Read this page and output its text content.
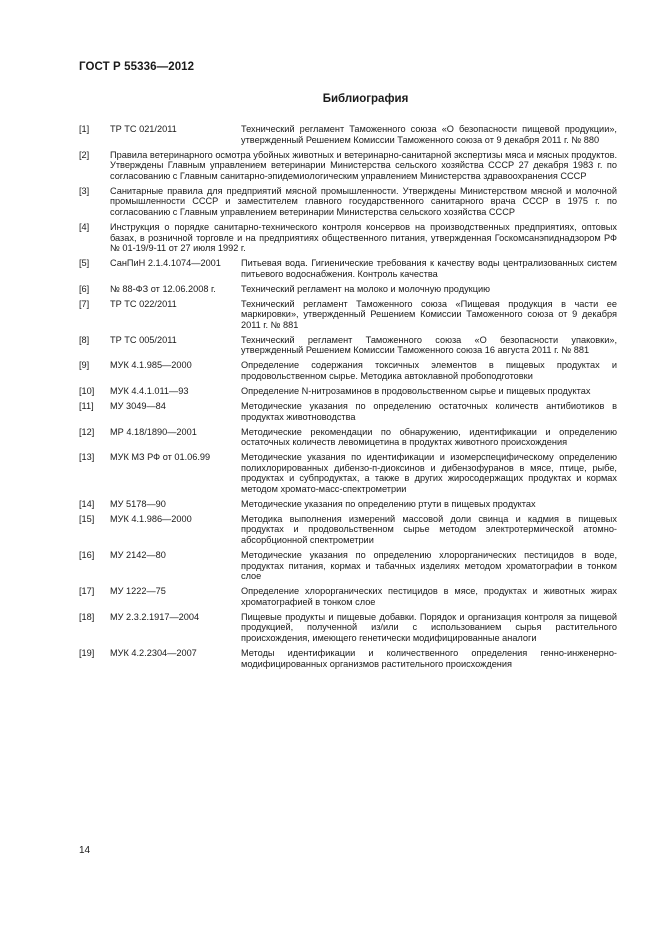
ГОСТ Р 55336—2012
Библиография
[1] ТР ТС 021/2011	Технический регламент Таможенного союза «О безопасности пищевой продукции», утвержденный Решением Комиссии Таможенного союза от 9 декабря 2011 г. № 880
[2] Правила ветеринарного осмотра убойных животных и ветеринарно-санитарной экспертизы мяса и мясных продуктов. Утверждены Главным управлением ветеринарии Министерства сельского хозяйства СССР 27 декабря 1983 г. по согласованию с Главным санитарно-эпидемиологическим управлением Министерства здравоохранения СССР
[3] Санитарные правила для предприятий мясной промышленности. Утверждены Министерством мясной и молочной промышленности СССР и заместителем главного государственного санитарного врача СССР в 1975 г. по согласованию с Главным управлением ветеринарии Министерства сельского хозяйства СССР
[4] Инструкция о порядке санитарно-технического контроля консервов на производственных предприятиях, оптовых базах, в розничной торговле и на предприятиях общественного питания, утвержденная Госкомсанэпиднадзором РФ № 01-19/9-11 от 27 июля 1992 г.
[5] СанПиН 2.1.4.1074—2001 Питьевая вода. Гигиенические требования к качеству воды централизованных систем питьевого водоснабжения. Контроль качества
[6] № 88-ФЗ от 12.06.2008 г.	Технический регламент на молоко и молочную продукцию
[7] ТР ТС 022/2011	Технический регламент Таможенного союза «Пищевая продукция в части ее маркировки», утвержденный Решением Комиссии Таможенного союза от 9 декабря 2011 г. № 881
[8] ТР ТС 005/2011	Технический регламент Таможенного союза «О безопасности упаковки», утвержденный Решением Комиссии Таможенного союза 16 августа 2011 г. № 881
[9] МУК 4.1.985—2000	Определение содержания токсичных элементов в пищевых продуктах и продовольственном сырье. Методика автоклавной пробоподготовки
[10] МУК 4.4.1.011—93	Определение N-нитрозаминов в продовольственном сырье и пищевых продуктах
[11] МУ 3049—84	Методические указания по определению остаточных количеств антибиотиков в продуктах животноводства
[12] МР 4.18/1890—2001	Методические рекомендации по обнаружению, идентификации и определению остаточных количеств левомицетина в продуктах животного происхождения
[13] МУК МЗ РФ от 01.06.99	Методические указания по идентификации и изомерспецифическому определению полихлорированных дибензо-п-диоксинов и дибензофуранов в мясе, птице, рыбе, продуктах и субпродуктах, а также в других жиросодержащих продуктах и кормах методом хромато-масс-спектрометрии
[14] МУ 5178—90	Методические указания по определению ртути в пищевых продуктах
[15] МУК 4.1.986—2000	Методика выполнения измерений массовой доли свинца и кадмия в пищевых продуктах и продовольственном сырье методом электротермической атомно-абсорбционной спектрометрии
[16] МУ 2142—80	Методические указания по определению хлорорганических пестицидов в воде, продуктах питания, кормах и табачных изделиях методом хроматографии в тонком слое
[17] МУ 1222—75	Определение хлорорганических пестицидов в мясе, продуктах и животных жирах хроматографией в тонком слое
[18] МУ 2.3.2.1917—2004	Пищевые продукты и пищевые добавки. Порядок и организация контроля за пищевой продукцией, полученной из/или с использованием сырья растительного происхождения, имеющего генетически модифицированные аналоги
[19] МУК 4.2.2304—2007	Методы идентификации и количественного определения генно-инженерно-модифицированных организмов растительного происхождения
14
